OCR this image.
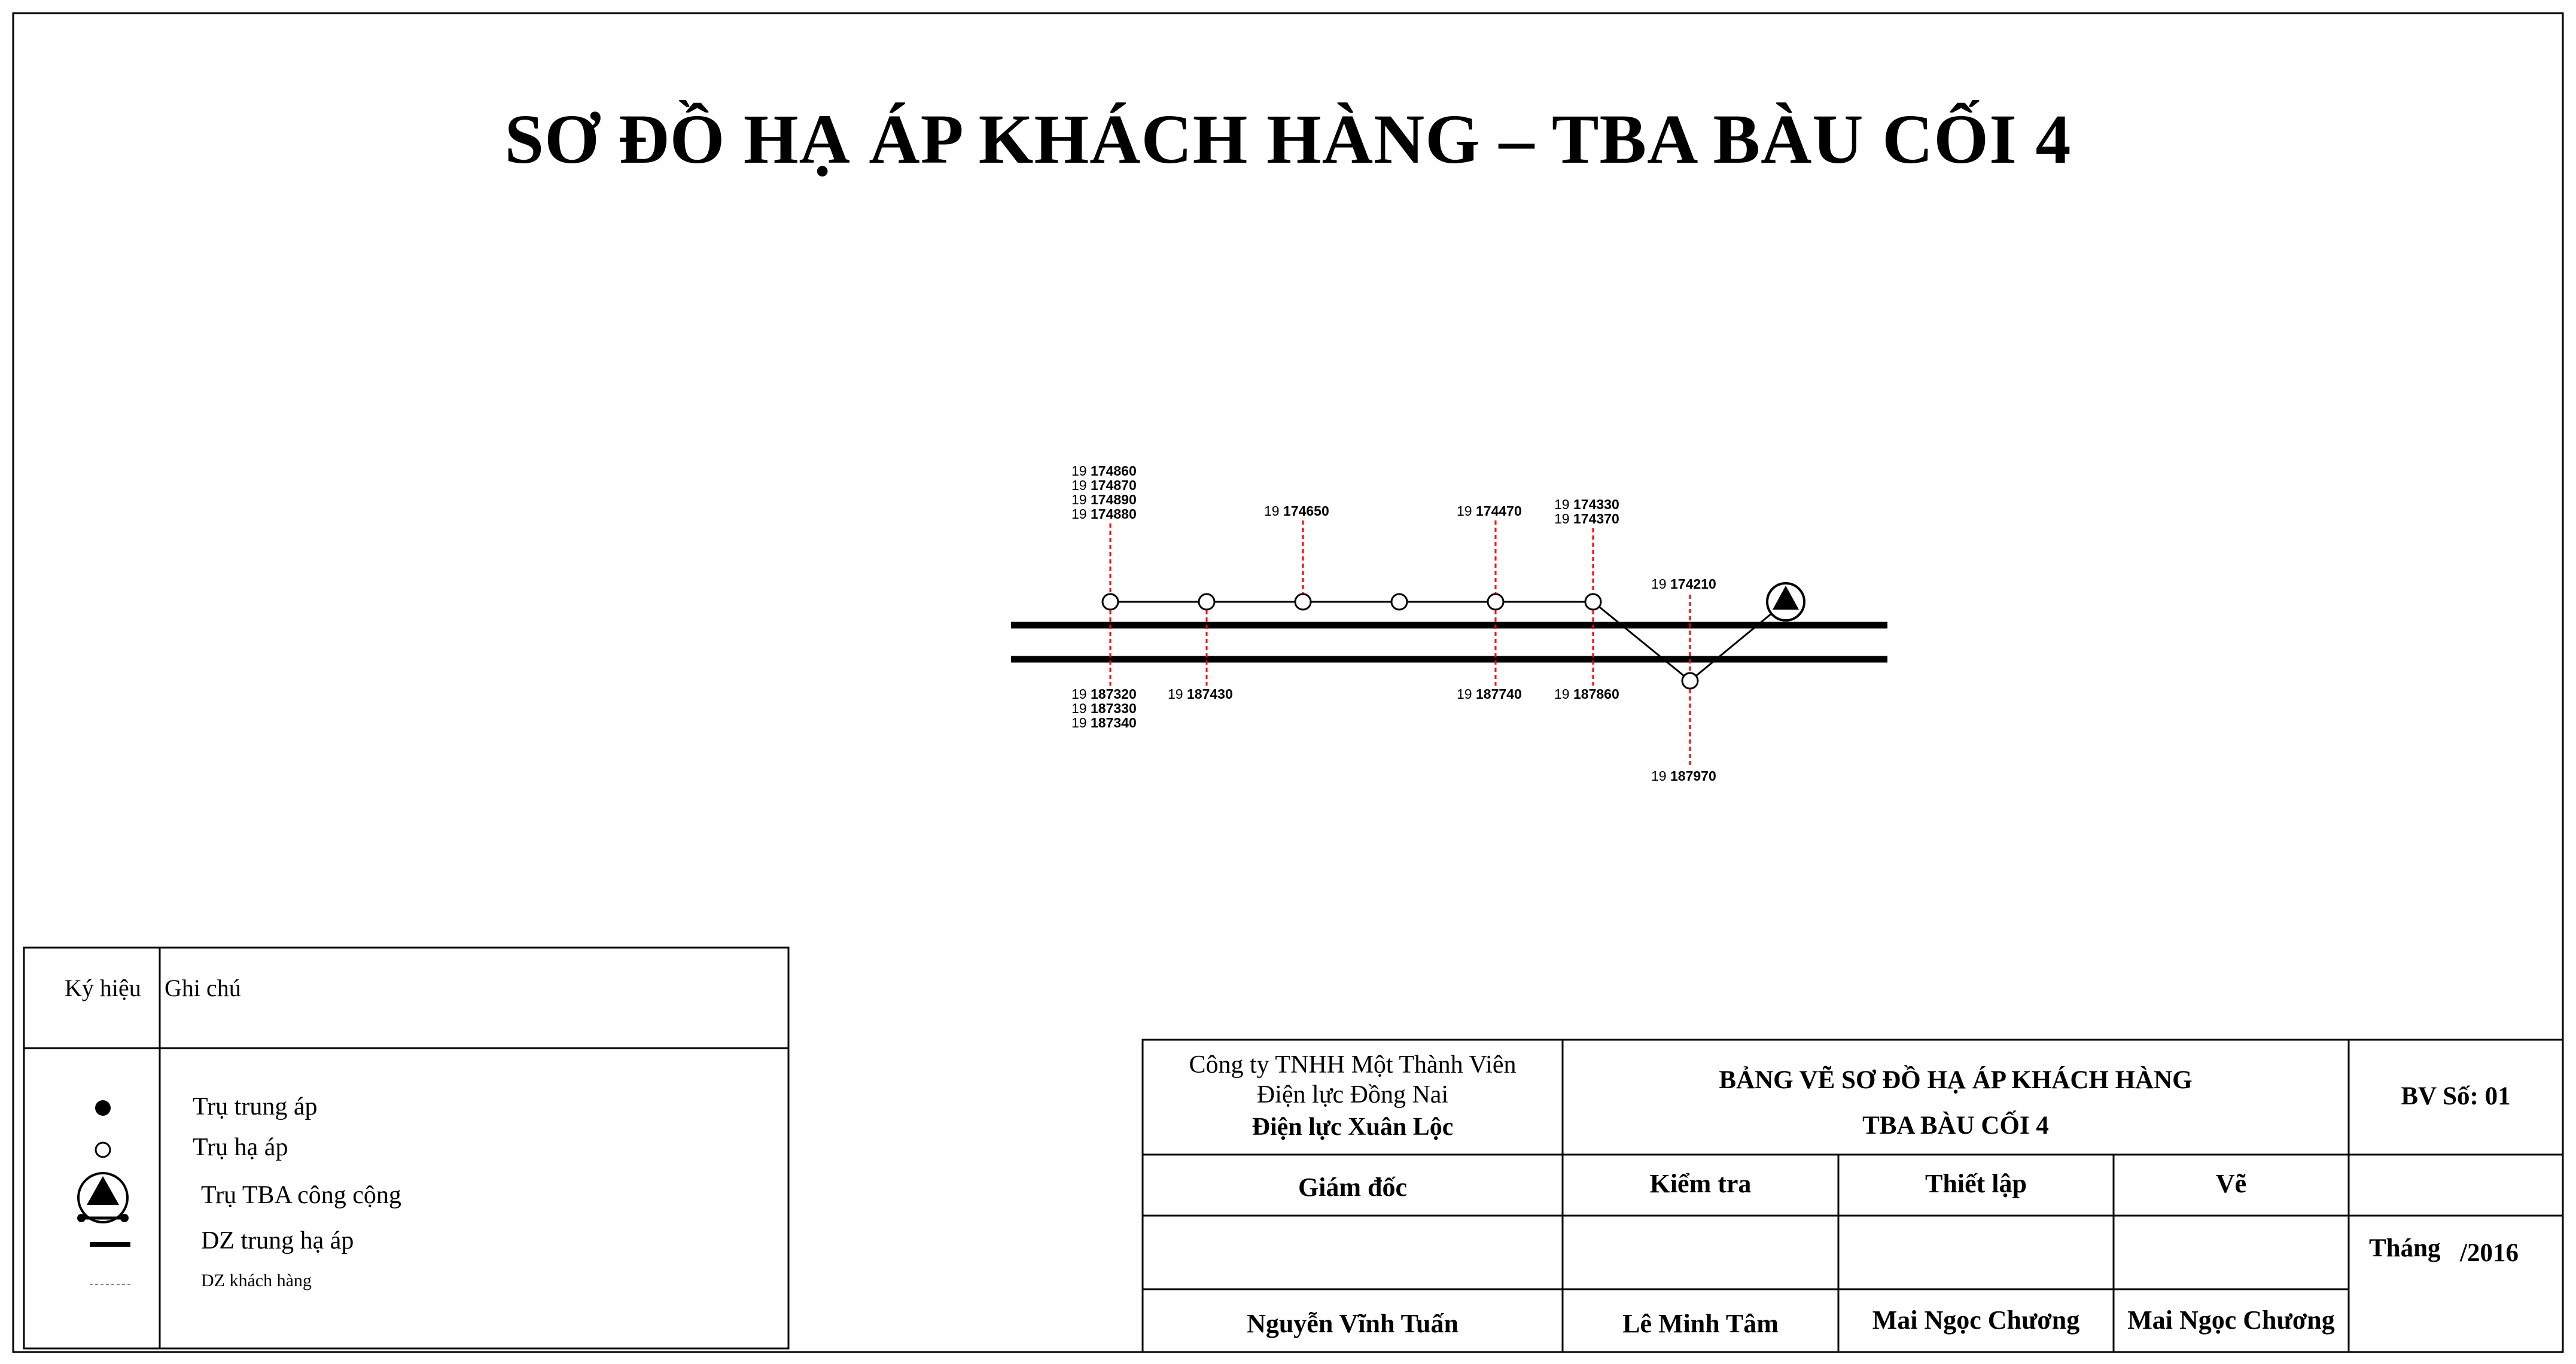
19 174860
19 174870
19 174890
19 174880	19 174650	19 174470 19 174330
19 174370
19 187320
19 187330
19 187340
19 187430	19 187740 19 187860
19 174210
19 187970
SƠ ĐỒ HẠ ÁP KHÁCH HÀNG – TBA BÀU CỐI 4
Ký hiệu Ghi chú
Trụ trung áp
Trụ hạ áp
Trụ TBA công cộng
DZ trung hạ áp
DZ khách hàng
Công ty TNHH Một Thành Viên
Điện lực Đồng Nai
Điện lực Xuân Lộc
BẢNG VẼ SƠ ĐỒ HẠ ÁP KHÁCH HÀNG
TBA BÀU CỐI 4
BV Số: 01
Giám đốc	Kiểm tra	Thiết lập	Vẽ
Tháng /2016
Nguyễn Vĩnh Tuấn	Lê Minh Tâm	Mai Ngọc Chương	Mai Ngọc Chương
